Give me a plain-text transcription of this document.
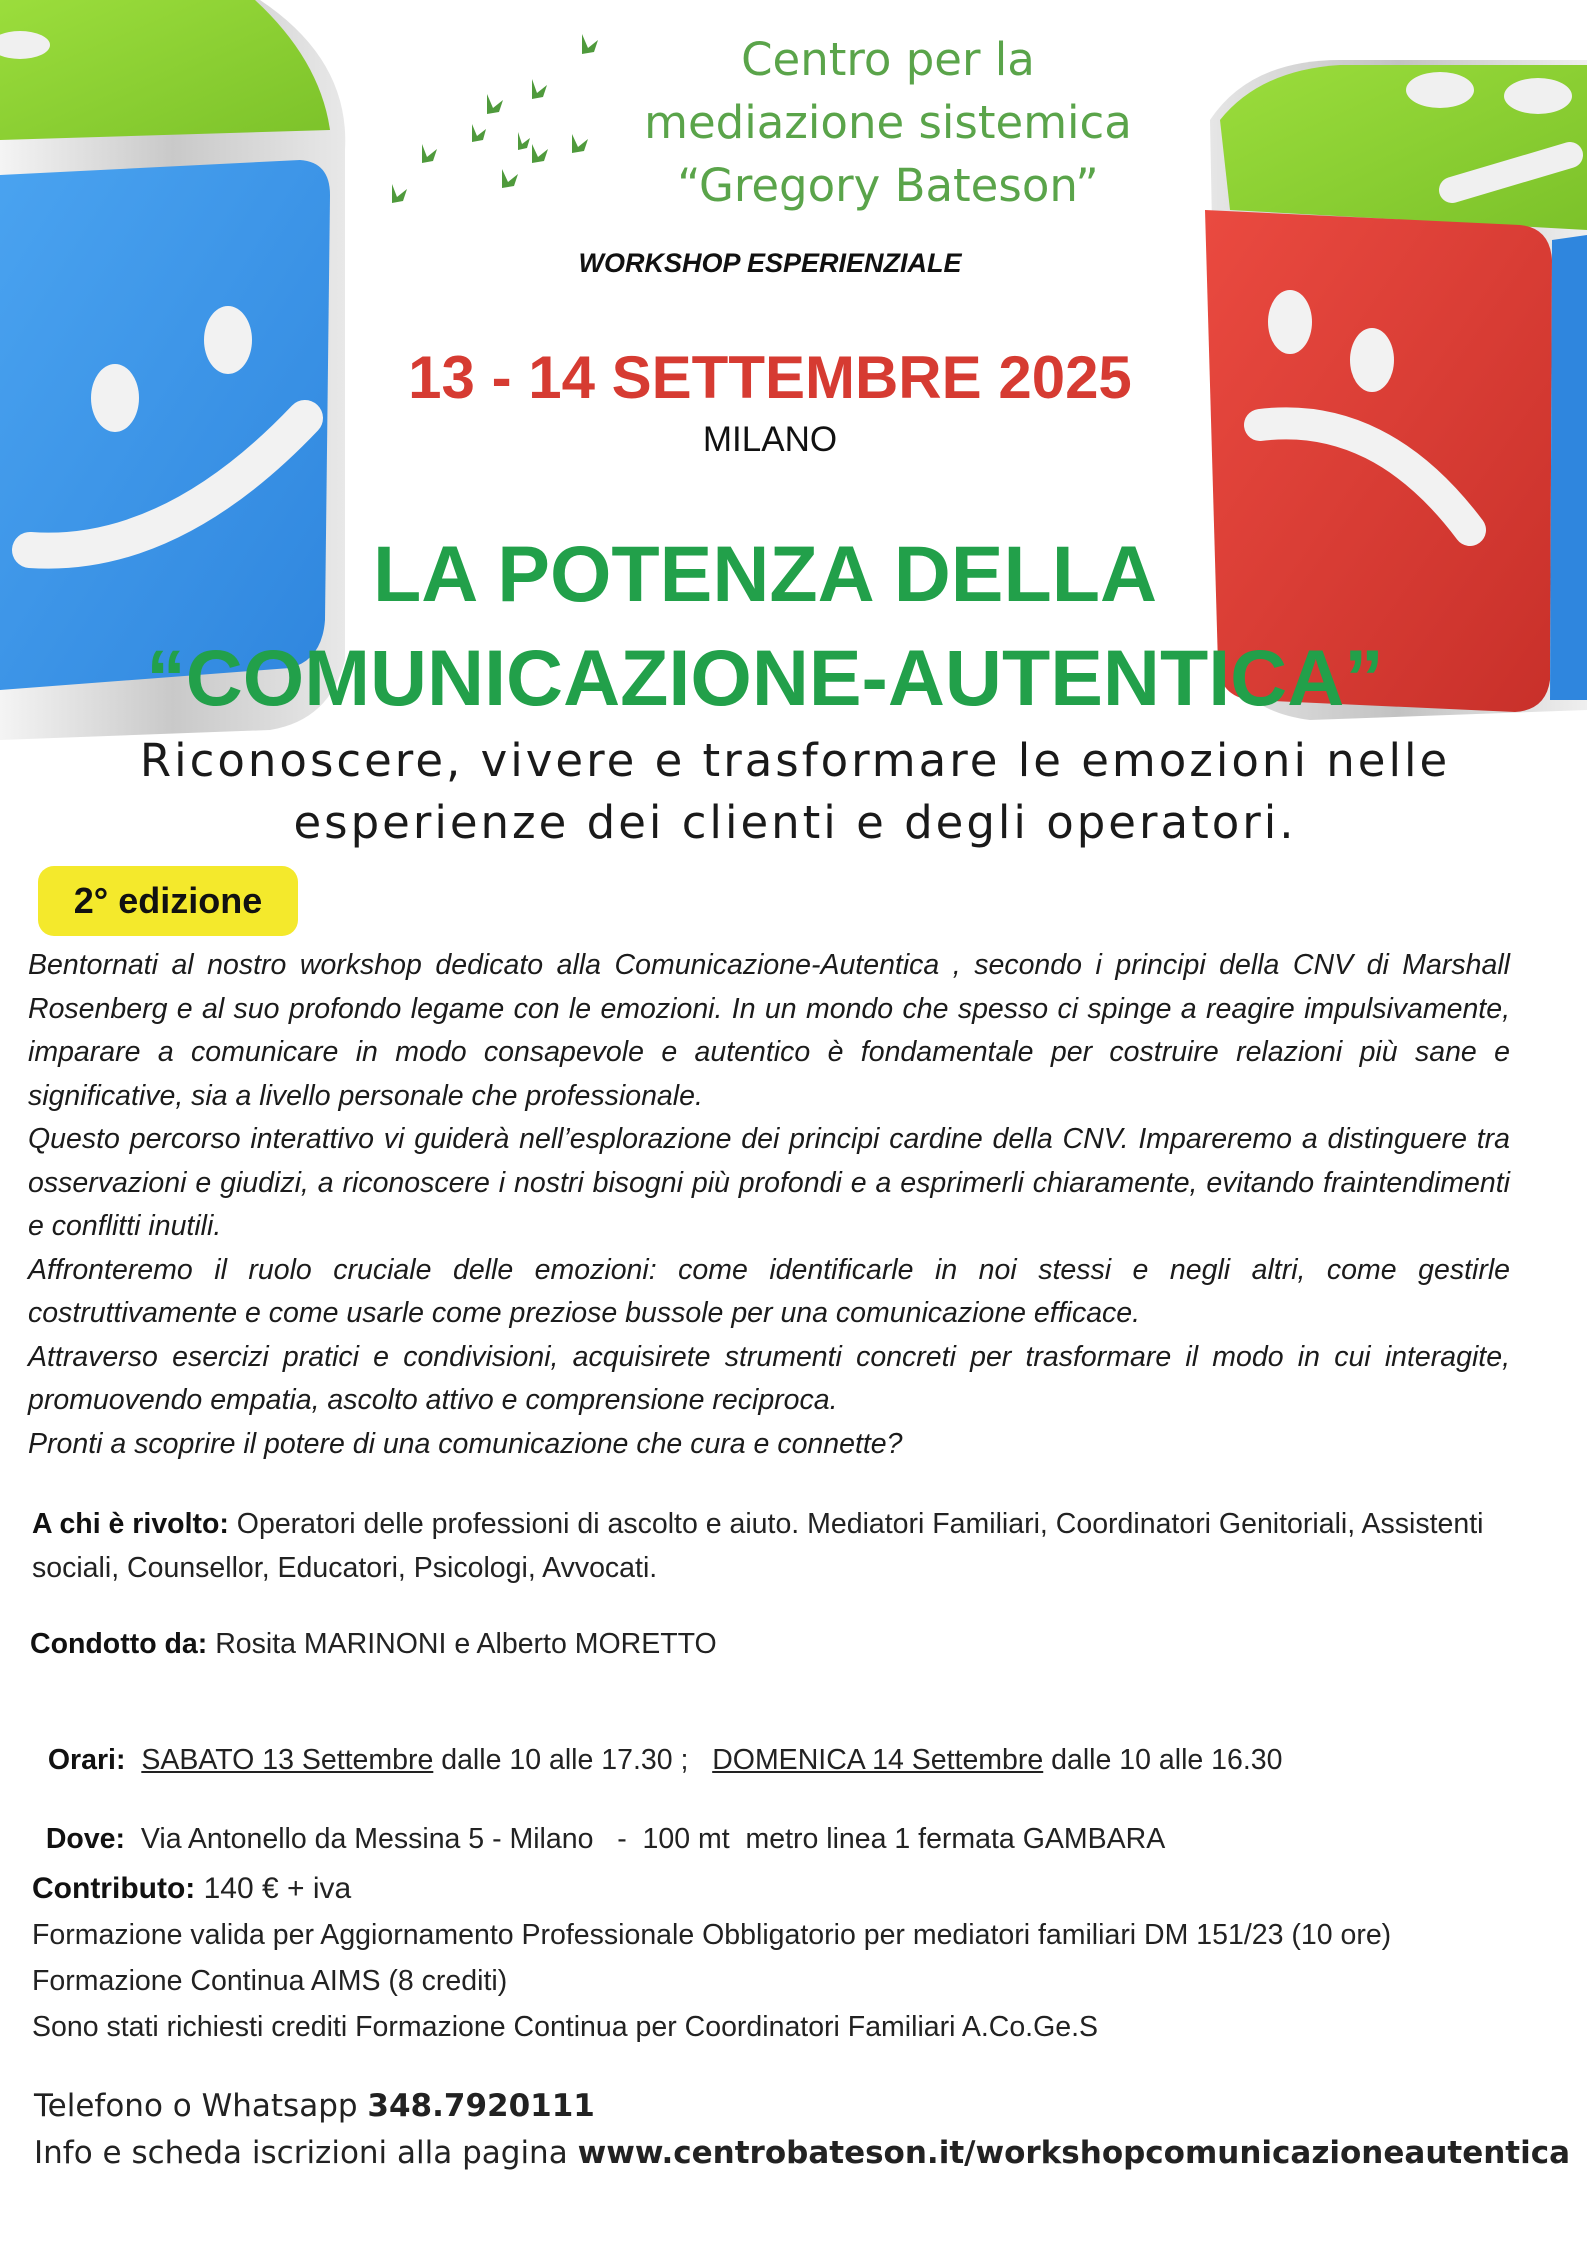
Centro per la
mediazione sistemica
“Gregory Bateson”
WORKSHOP ESPERIENZIALE
13 - 14 SETTEMBRE 2025
MILANO
LA POTENZA DELLA
“COMUNICAZIONE-AUTENTICA”
Riconoscere, vivere e trasformare le emozioni nelle
esperienze dei clienti e degli operatori.
2° edizione

Bentornati al nostro workshop dedicato alla Comunicazione-Autentica , secondo i principi della CNV di Marshall Rosenberg e al suo profondo legame con le emozioni. In un mondo che spesso ci spinge a reagire impulsivamente, imparare a comunicare in modo consapevole e autentico è fondamentale per costruire relazioni più sane e significative, sia a livello personale che professionale.

Questo percorso interattivo vi guiderà nell’esplorazione dei principi cardine della CNV. Impareremo a distinguere tra osservazioni e giudizi, a riconoscere i nostri bisogni più profondi e a esprimerli chiaramente, evitando fraintendimenti e conflitti inutili.

Affronteremo il ruolo cruciale delle emozioni: come identificarle in noi stessi e negli altri, come gestirle costruttivamente e come usarle come preziose bussole per una comunicazione efficace.

Attraverso esercizi pratici e condivisioni, acquisirete strumenti concreti per trasformare il modo in cui interagite, promuovendo empatia, ascolto attivo e comprensione reciproca.

Pronti a scoprire il potere di una comunicazione che cura e connette?

A chi è rivolto: Operatori delle professioni di ascolto e aiuto. Mediatori Familiari, Coordinatori Genitoriali, Assistenti sociali, Counsellor, Educatori, Psicologi, Avvocati.
Condotto da: Rosita MARINONI e Alberto MORETTO

Orari: SABATO 13 Settembre dalle 10 alle 17.30 ; DOMENICA 14 Settembre dalle 10 alle 16.30

Dove:  Via Antonello da Messina 5 - Milano   -  100 mt  metro linea 1 fermata GAMBARA

Contributo: 140 € + iva
Formazione valida per Aggiornamento Professionale Obbligatorio per mediatori familiari DM 151/23 (10 ore)
Formazione Continua AIMS (8 crediti)
Sono stati richiesti crediti Formazione Continua per Coordinatori Familiari A.Co.Ge.S
Telefono o Whatsapp 348.7920111
Info e scheda iscrizioni alla pagina www.centrobateson.it/workshopcomunicazioneautentica
